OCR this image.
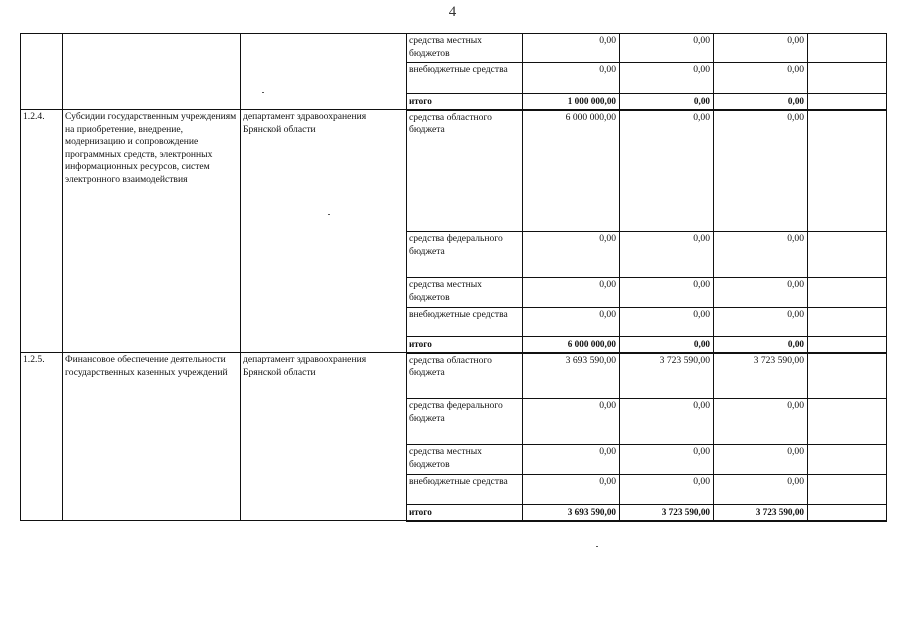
4
			средства местных бюджетов	0,00	0,00	0,00	
			внебюджетные средства	0,00	0,00	0,00	
			итого	1 000 000,00	0,00	0,00	
1.2.4.	Субсидии государственным учреждениям на приобретение, внедрение, модернизацию и сопровождение программных средств, электронных информационных ресурсов, систем электронного взаимодействия	департамент здравоохранения Брянской области	средства областного бюджета	6 000 000,00	0,00	0,00	
			средства федерального бюджета	0,00	0,00	0,00	
			средства местных бюджетов	0,00	0,00	0,00	
			внебюджетные средства	0,00	0,00	0,00	
			итого	6 000 000,00	0,00	0,00	
1.2.5.	Финансовое обеспечение деятельности государственных казенных учреждений	департамент здравоохранения Брянской области	средства областного бюджета	3 693 590,00	3 723 590,00	3 723 590,00	
			средства федерального бюджета	0,00	0,00	0,00	
			средства местных бюджетов	0,00	0,00	0,00	
			внебюджетные средства	0,00	0,00	0,00	
			итого	3 693 590,00	3 723 590,00	3 723 590,00	
